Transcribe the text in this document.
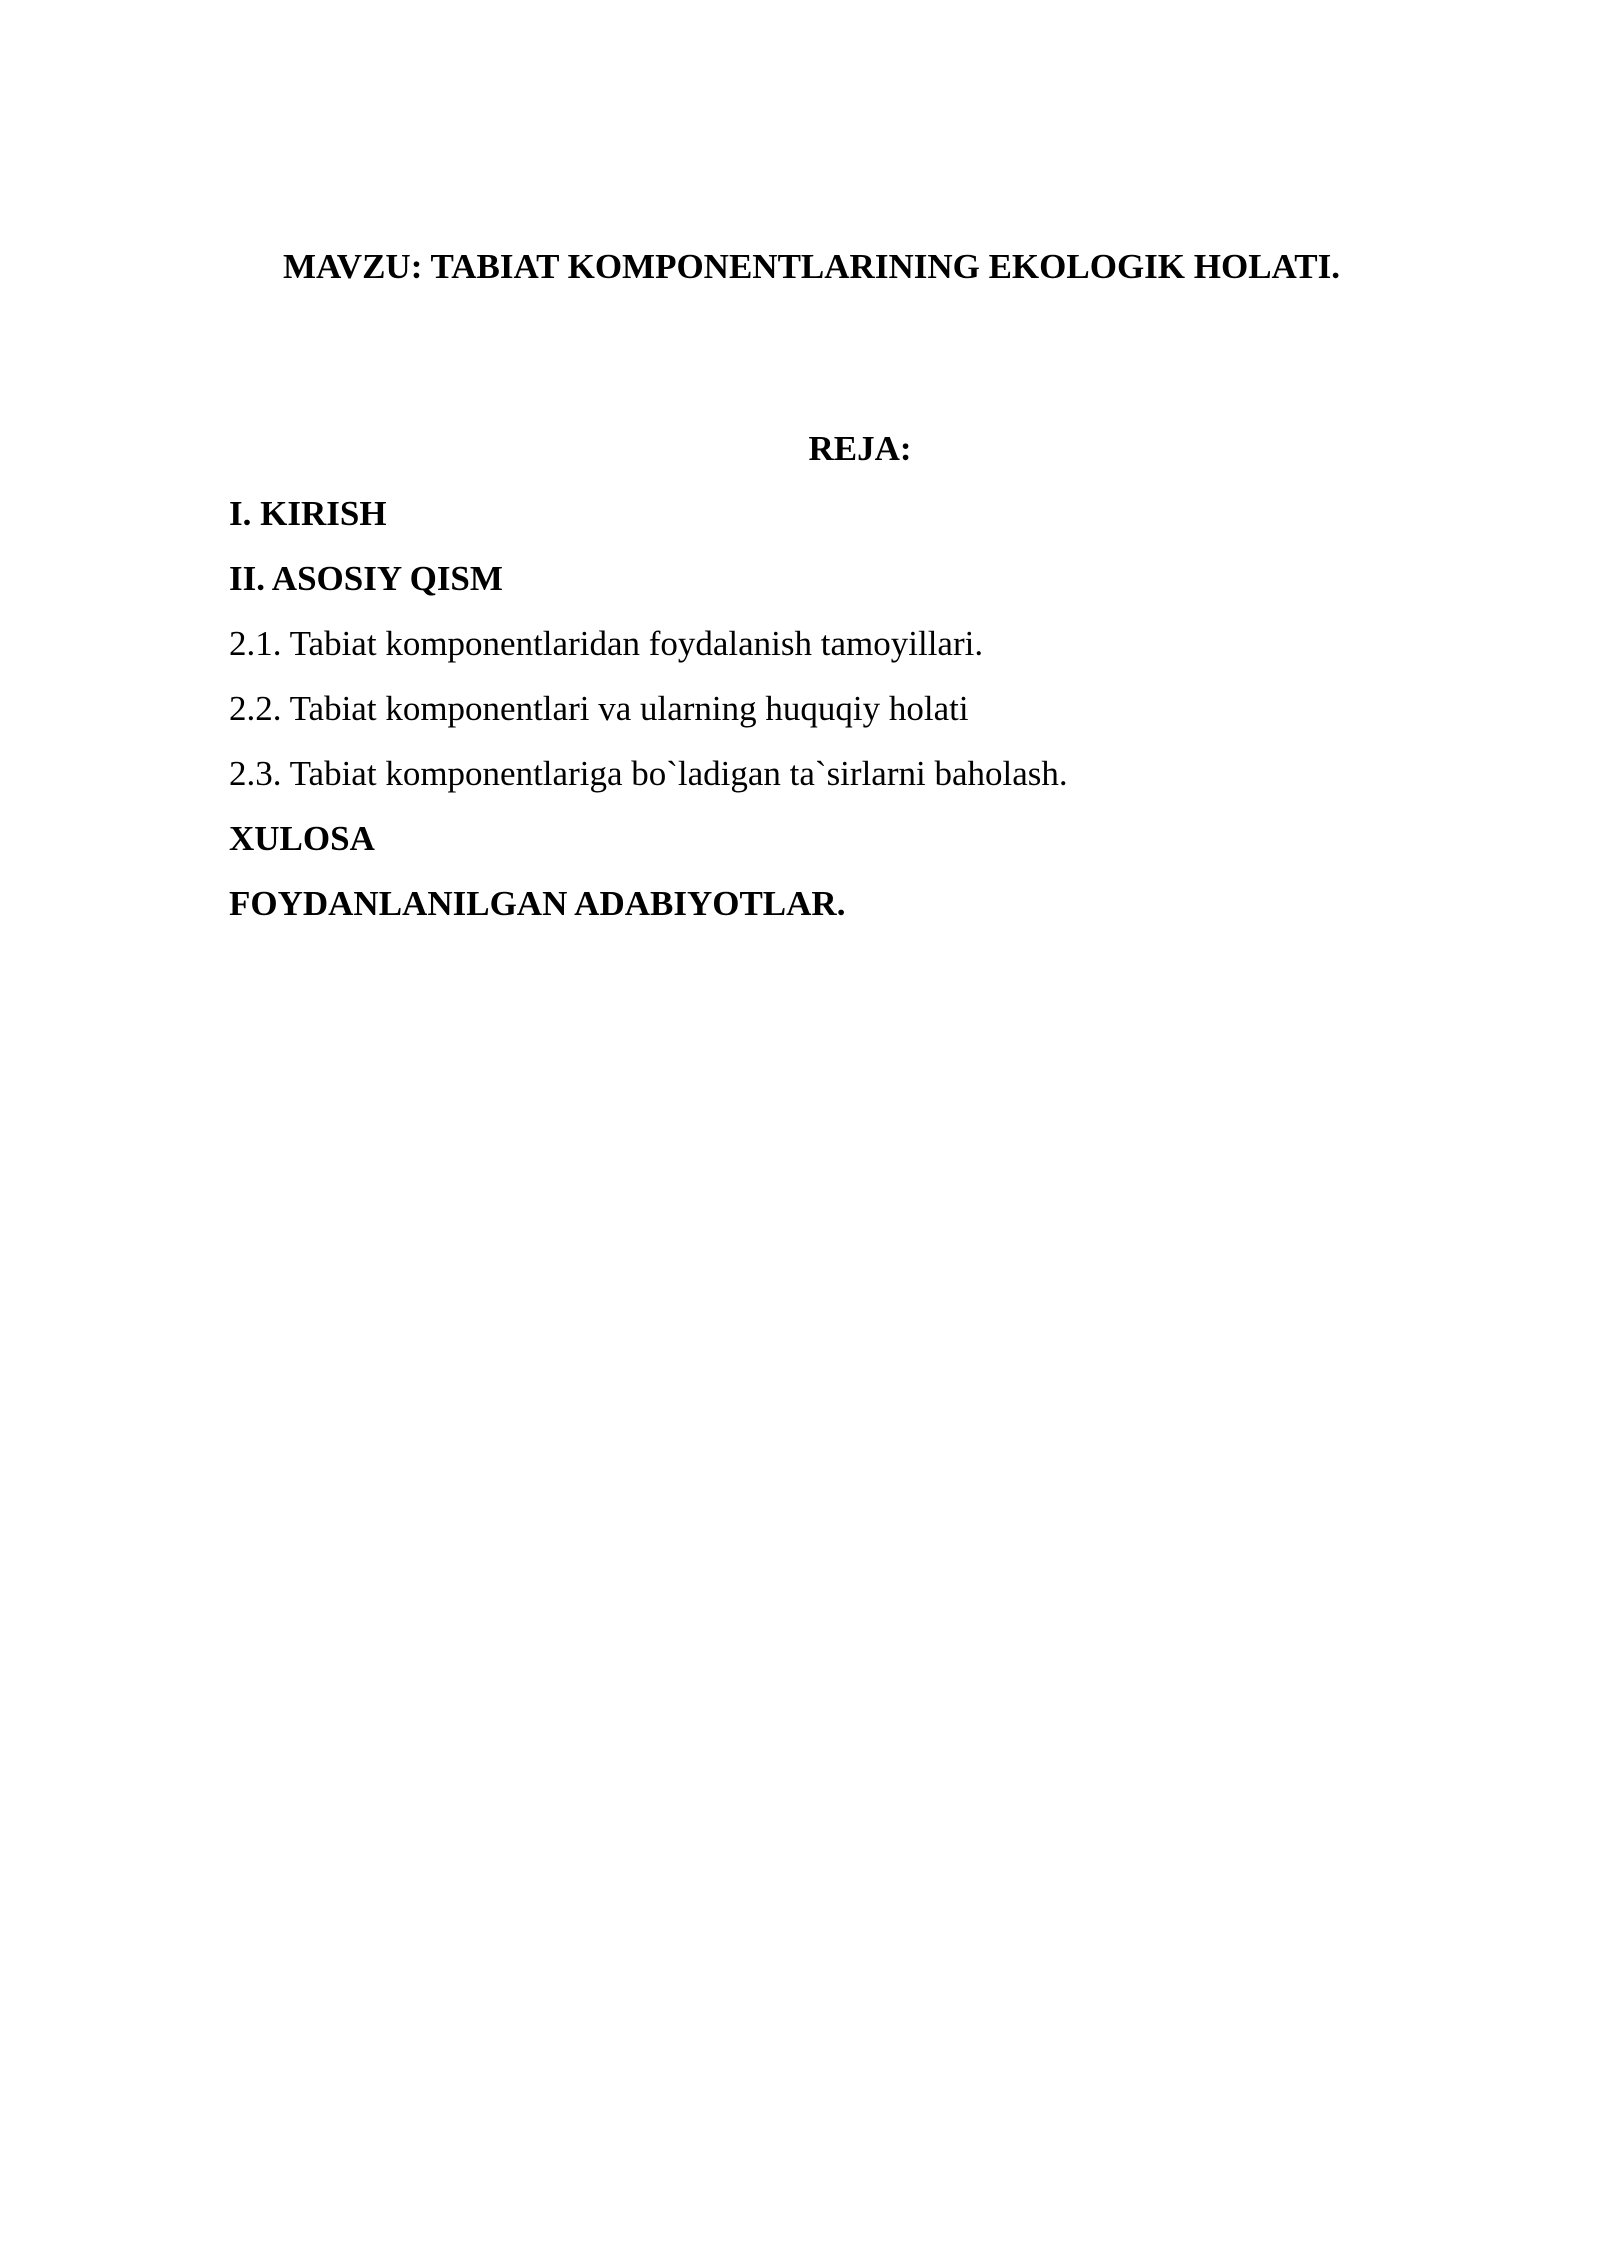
MAVZU: TABIAT KOMPONENTLARINING EKOLOGIK HOLATI.
REJA:
I. KIRISH
II. ASOSIY QISM
2.1. Tabiat komponentlaridan foydalanish tamoyillari.
2.2. Tabiat komponentlari va ularning huquqiy holati
2.3. Tabiat komponentlariga bo`ladigan ta`sirlarni baholash.
XULOSA
FOYDANLANILGAN ADABIYOTLAR.
